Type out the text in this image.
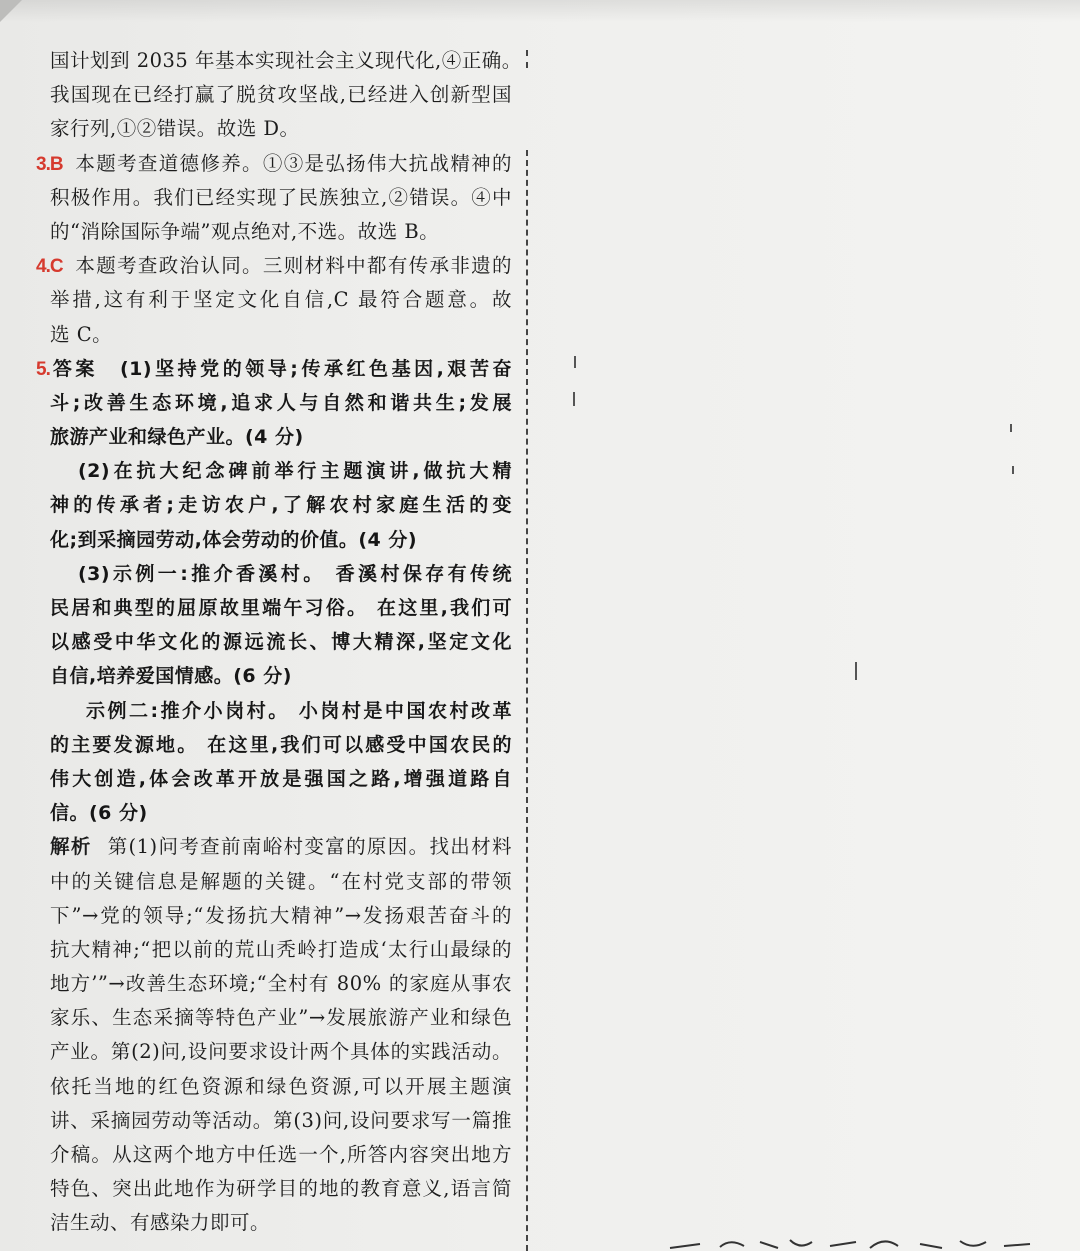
国计划到 2035 年基本实现社会主义现代化,④正确。
我国现在已经打赢了脱贫攻坚战,已经进入创新型国
家行列,①②错误。故选 D。
3.B 本题考查道德修养。①③是弘扬伟大抗战精神的
积极作用。我们已经实现了民族独立,②错误。④中
的“消除国际争端”观点绝对,不选。故选 B。
4.C 本题考查政治认同。三则材料中都有传承非遗的
举措,这有利于坚定文化自信,C 最符合题意。故
选 C。
5.答案 (1)坚持党的领导;传承红色基因,艰苦奋
斗;改善生态环境,追求人与自然和谐共生;发展
旅游产业和绿色产业。(4 分)
(2)在抗大纪念碑前举行主题演讲,做抗大精
神的传承者;走访农户,了解农村家庭生活的变
化;到采摘园劳动,体会劳动的价值。(4 分)
(3)示例一:推介香溪村。 香溪村保存有传统
民居和典型的屈原故里端午习俗。 在这里,我们可
以感受中华文化的源远流长、博大精深,坚定文化
自信,培养爱国情感。(6 分)
示例二:推介小岗村。 小岗村是中国农村改革
的主要发源地。 在这里,我们可以感受中国农民的
伟大创造,体会改革开放是强国之路,增强道路自
信。(6 分)
解析 第(1)问考查前南峪村变富的原因。找出材料
中的关键信息是解题的关键。“在村党支部的带领
下”→党的领导;“发扬抗大精神”→发扬艰苦奋斗的
抗大精神;“把以前的荒山秃岭打造成‘太行山最绿的
地方’”→改善生态环境;“全村有 80% 的家庭从事农
家乐、生态采摘等特色产业”→发展旅游产业和绿色
产业。第(2)问,设问要求设计两个具体的实践活动。
依托当地的红色资源和绿色资源,可以开展主题演
讲、采摘园劳动等活动。第(3)问,设问要求写一篇推
介稿。从这两个地方中任选一个,所答内容突出地方
特色、突出此地作为研学目的地的教育意义,语言简
洁生动、有感染力即可。
